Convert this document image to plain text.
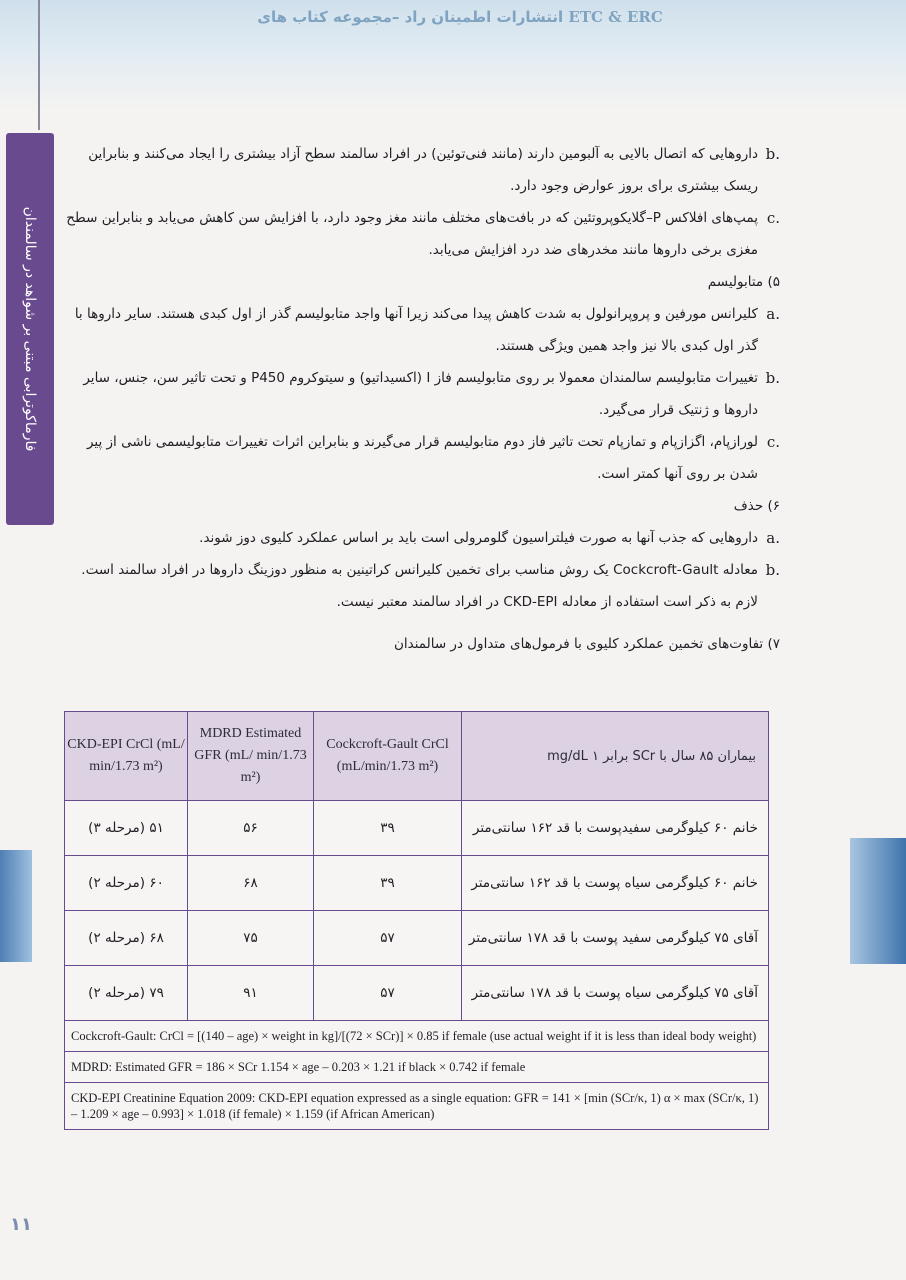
ETC & ERC انتشارات اطمینان راد –مجموعه کتاب های
فارماکوترابی مبتنی بر شواهد در سالمندان

b.
داروهایی که اتصال بالایی به آلبومین دارند (مانند فنی‌توئین) در افراد سالمند سطح آزاد بیشتری را ایجاد می‌کنند و بنابراین ریسک بیشتری برای بروز عوارض وجود دارد.

c.
پمپ‌های افلاکس P–گلایکوپروتئین که در بافت‌های مختلف مانند مغز وجود دارد، با افزایش سن کاهش می‌یابد و بنابراین سطح مغزی برخی داروها مانند مخدرهای ضد درد افزایش می‌یابد.

۵) متابولیسم

a.
کلیرانس مورفین و پروپرانولول به شدت کاهش پیدا می‌کند زیرا آنها واجد متابولیسم گذر از اول کبدی هستند. سایر داروها با گذر اول کبدی بالا نیز واجد همین ویژگی هستند.

b.
تغییرات متابولیسم سالمندان معمولا بر روی متابولیسم فاز I (اکسیداتیو) و سیتوکروم P450 و تحت تاثیر سن، جنس، سایر داروها و ژنتیک قرار می‌گیرد.

c.
لورازپام، اگزازپام و تمازپام تحت تاثیر فاز دوم متابولیسم قرار می‌گیرند و بنابراین اثرات تغییرات متابولیسمی ناشی از پیر شدن بر روی آنها کمتر است.

۶) حذف

a.
داروهایی که جذب آنها به صورت فیلتراسیون گلومرولی است باید بر اساس عملکرد کلیوی دوز شوند.

b.
معادله Cockcroft-Gault یک روش مناسب برای تخمین کلیرانس کراتینین به منظور دوزینگ داروها در افراد سالمند است. لازم به ذکر است استفاده از معادله CKD-EPI در افراد سالمند معتبر نیست.

۷) تفاوت‌های تخمین عملکرد کلیوی با فرمول‌های متداول در سالمندان

CKD-EPI CrCl (mL/ min/1.73 m²)	MDRD Estimated GFR (mL/ min/1.73 m²)	Cockcroft-Gault CrCl (mL/min/1.73 m²)	بیماران ۸۵ سال با SCr برابر ۱ mg/dL
۵۱ (مرحله ۳)	۵۶	۳۹	خانم ۶۰ کیلوگرمی سفیدپوست با قد ۱۶۲ سانتی‌متر
۶۰ (مرحله ۲)	۶۸	۳۹	خانم ۶۰ کیلوگرمی سیاه پوست با قد ۱۶۲ سانتی‌متر
۶۸ (مرحله ۲)	۷۵	۵۷	آقای ۷۵ کیلوگرمی سفید پوست با قد ۱۷۸ سانتی‌متر
۷۹ (مرحله ۲)	۹۱	۵۷	آقای ۷۵ کیلوگرمی سیاه پوست با قد ۱۷۸ سانتی‌متر
Cockcroft-Gault: CrCl = [(140 – age) × weight in kg]/[(72 × SCr)] × 0.85 if female (use actual weight if it is less than ideal body weight)			
MDRD: Estimated GFR = 186 × SCr 1.154 × age – 0.203 × 1.21 if black × 0.742 if female			
CKD-EPI Creatinine Equation 2009: CKD-EPI equation expressed as a single equation: GFR = 141 × [min (SCr/κ, 1) α × max (SCr/κ, 1) – 1.209 × age – 0.993] × 1.018 (if female) × 1.159 (if African American)			
۱۱
